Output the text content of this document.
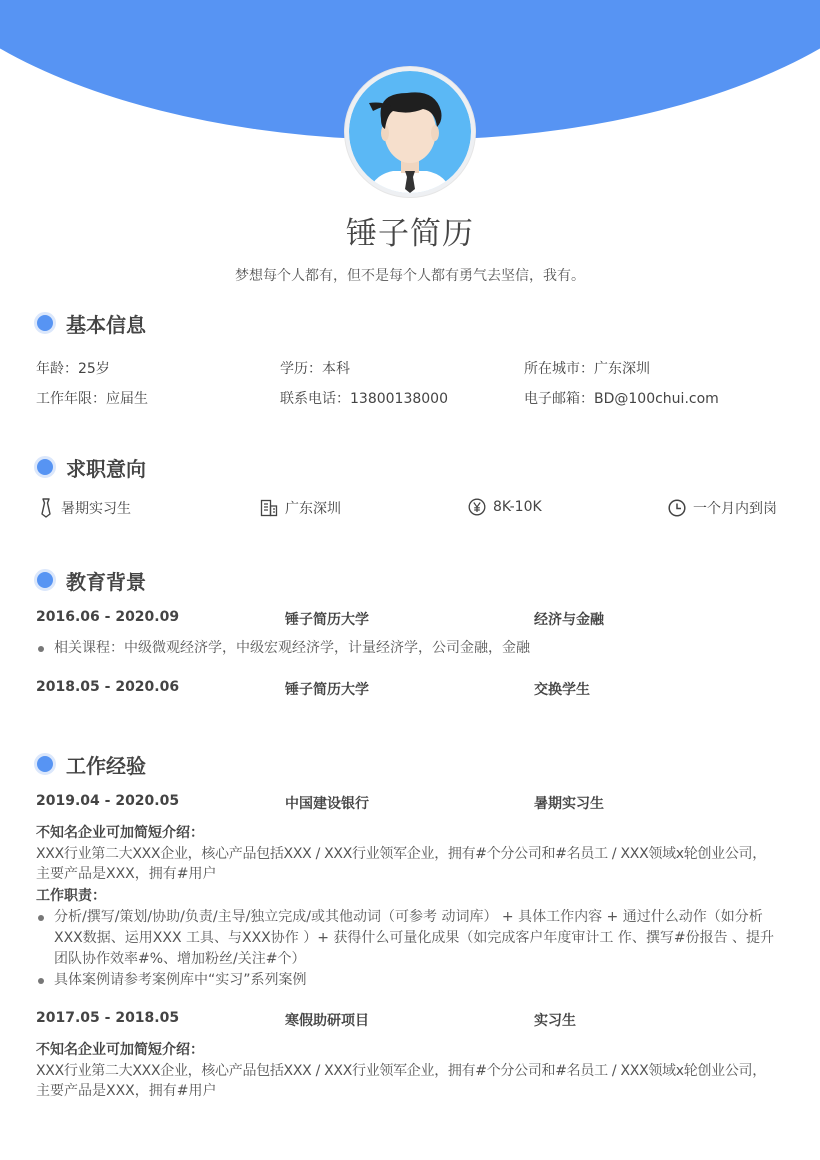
锤子简历
梦想每个人都有，但不是每个人都有勇气去坚信，我有。
基本信息
年龄：25岁	学历：本科	所在城市：广东深圳
工作年限：应届生	联系电话：13800138000	电子邮箱：BD@100chui.com
求职意向
暑期实习生	广东深圳	8K-10K	一个月内到岗
教育背景
2016.06 - 2020.09	锤子简历大学	经济与金融
相关课程：中级微观经济学，中级宏观经济学，计量经济学，公司金融，金融
2018.05 - 2020.06	锤子简历大学	交换学生
工作经验
2019.04 - 2020.05	中国建设银行	暑期实习生
不知名企业可加简短介绍：
XXX行业第二大XXX企业，核心产品包括XXX / XXX行业领军企业，拥有#个分公司和#名员工 / XXX领域x轮创业公司，
主要产品是XXX，拥有#用户
工作职责：
分析/撰写/策划/协助/负责/主导/独立完成/或其他动词（可参考 动词库） + 具体工作内容 + 通过什么动作（如分析XXX数据、运用XXX 工具、与XXX协作 ）+ 获得什么可量化成果（如完成客户年度审计工 作、撰写#份报告 、提升团队协作效率#%、增加粉丝/关注#个）
具体案例请参考案例库中“实习”系列案例
2017.05 - 2018.05	寒假助研项目	实习生
不知名企业可加简短介绍：
XXX行业第二大XXX企业，核心产品包括XXX / XXX行业领军企业，拥有#个分公司和#名员工 / XXX领域x轮创业公司，
主要产品是XXX，拥有#用户
